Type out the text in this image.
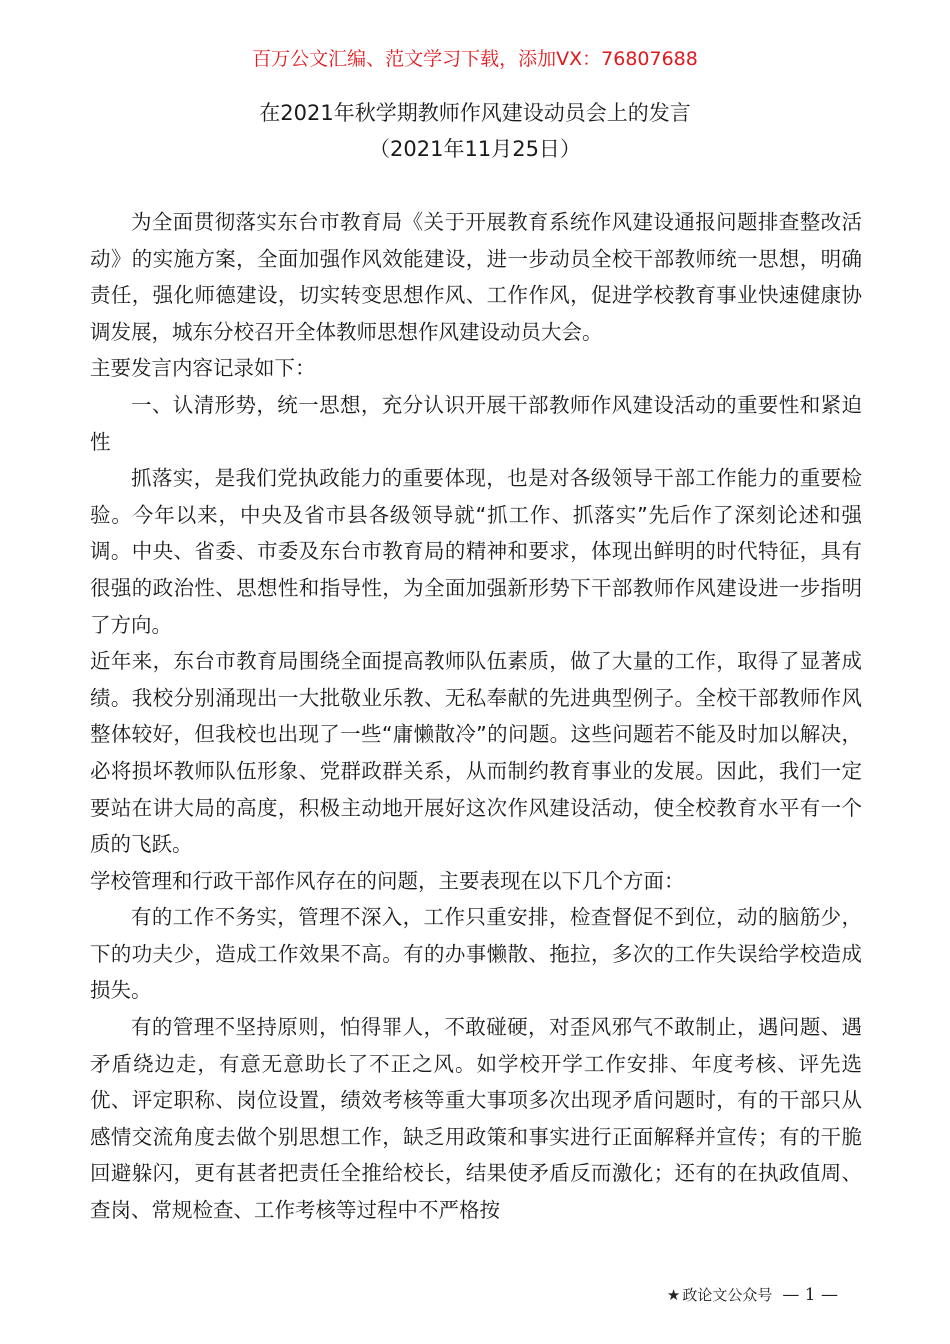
百万公文汇编、范文学习下载，添加VX：76807688
在2021年秋学期教师作风建设动员会上的发言
（2021年11月25日）

为全面贯彻落实东台市教育局《关于开展教育系统作风建设通报问题排查整改活动》的实施方案，全面加强作风效能建设，进一步动员全校干部教师统一思想，明确责任，强化师德建设，切实转变思想作风、工作作风，促进学校教育事业快速健康协调发展，城东分校召开全体教师思想作风建设动员大会。

主要发言内容记录如下：

一、认清形势，统一思想，充分认识开展干部教师作风建设活动的重要性和紧迫性

抓落实，是我们党执政能力的重要体现，也是对各级领导干部工作能力的重要检验。今年以来，中央及省市县各级领导就“抓工作、抓落实”先后作了深刻论述和强调。中央、省委、市委及东台市教育局的精神和要求，体现出鲜明的时代特征，具有很强的政治性、思想性和指导性，为全面加强新形势下干部教师作风建设进一步指明了方向。

近年来，东台市教育局围绕全面提高教师队伍素质，做了大量的工作，取得了显著成绩。我校分别涌现出一大批敬业乐教、无私奉献的先进典型例子。全校干部教师作风整体较好，但我校也出现了一些“庸懒散冷”的问题。这些问题若不能及时加以解决，必将损坏教师队伍形象、党群政群关系，从而制约教育事业的发展。因此，我们一定要站在讲大局的高度，积极主动地开展好这次作风建设活动，使全校教育水平有一个质的飞跃。

学校管理和行政干部作风存在的问题，主要表现在以下几个方面：

有的工作不务实，管理不深入，工作只重安排，检查督促不到位，动的脑筋少，下的功夫少，造成工作效果不高。有的办事懒散、拖拉，多次的工作失误给学校造成损失。

有的管理不坚持原则，怕得罪人，不敢碰硬，对歪风邪气不敢制止，遇问题、遇矛盾绕边走，有意无意助长了不正之风。如学校开学工作安排、年度考核、评先选优、评定职称、岗位设置，绩效考核等重大事项多次出现矛盾问题时，有的干部只从感情交流角度去做个别思想工作，缺乏用政策和事实进行正面解释并宣传；有的干脆回避躲闪，更有甚者把责任全推给校长，结果使矛盾反而激化；还有的在执政值周、查岗、常规检查、工作考核等过程中不严格按

★ 政论文公众号 — 1 —
